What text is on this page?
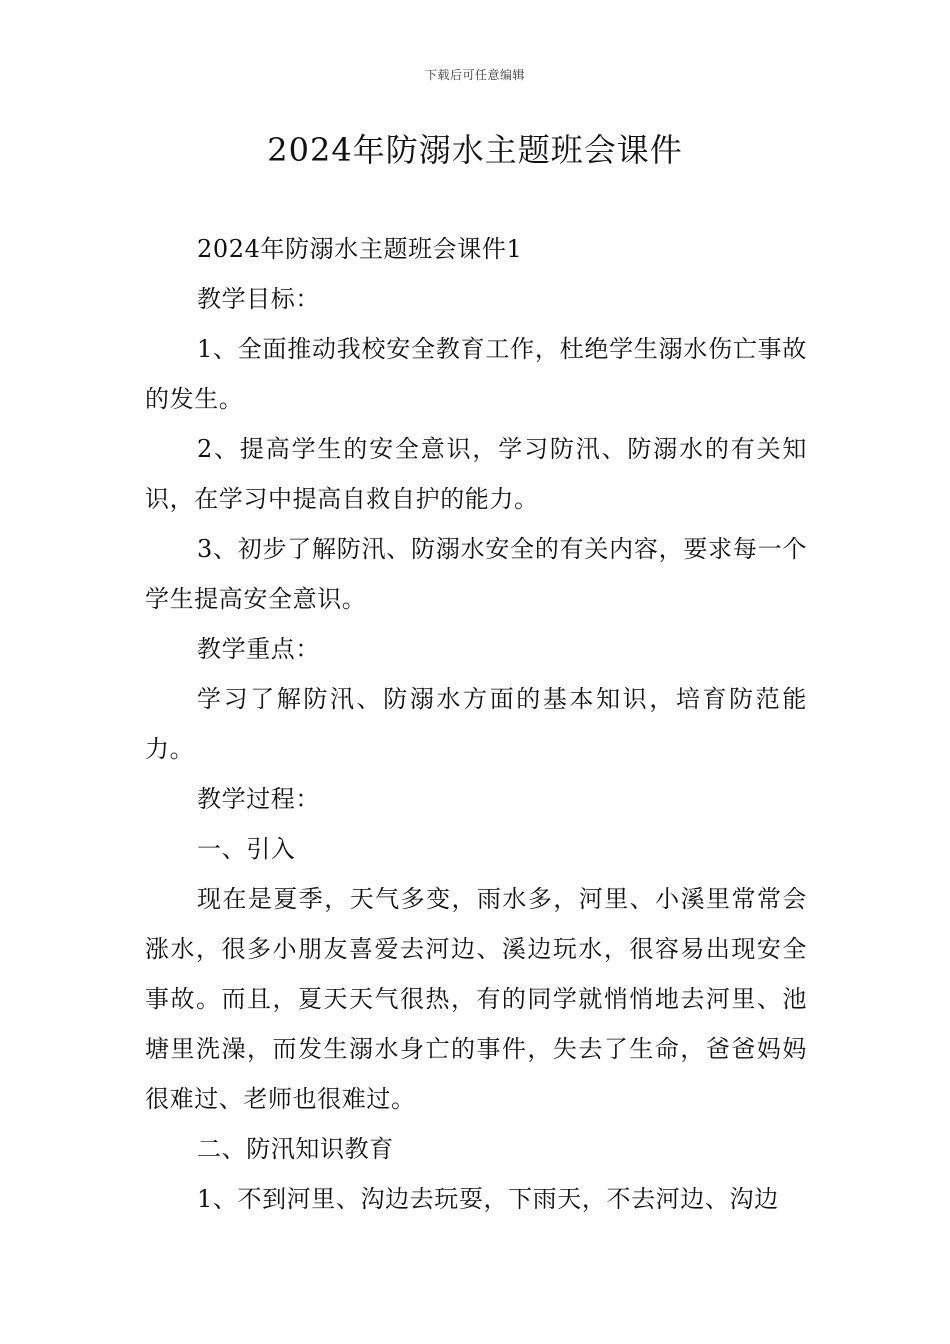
下载后可任意编辑
2024年防溺水主题班会课件

2024年防溺水主题班会课件1

教学目标：

1、全面推动我校安全教育工作，杜绝学生溺水伤亡事故的发生。

2、提高学生的安全意识，学习防汛、防溺水的有关知识，在学习中提高自救自护的能力。

3、初步了解防汛、防溺水安全的有关内容，要求每一个学生提高安全意识。

教学重点：

学习了解防汛、防溺水方面的基本知识，培育防范能力。

教学过程：

一、引入

现在是夏季，天气多变，雨水多，河里、小溪里常常会涨水，很多小朋友喜爱去河边、溪边玩水，很容易出现安全事故。而且，夏天天气很热，有的同学就悄悄地去河里、池塘里洗澡，而发生溺水身亡的事件，失去了生命，爸爸妈妈很难过、老师也很难过。

二、防汛知识教育

1、不到河里、沟边去玩耍，下雨天，不去河边、沟边
